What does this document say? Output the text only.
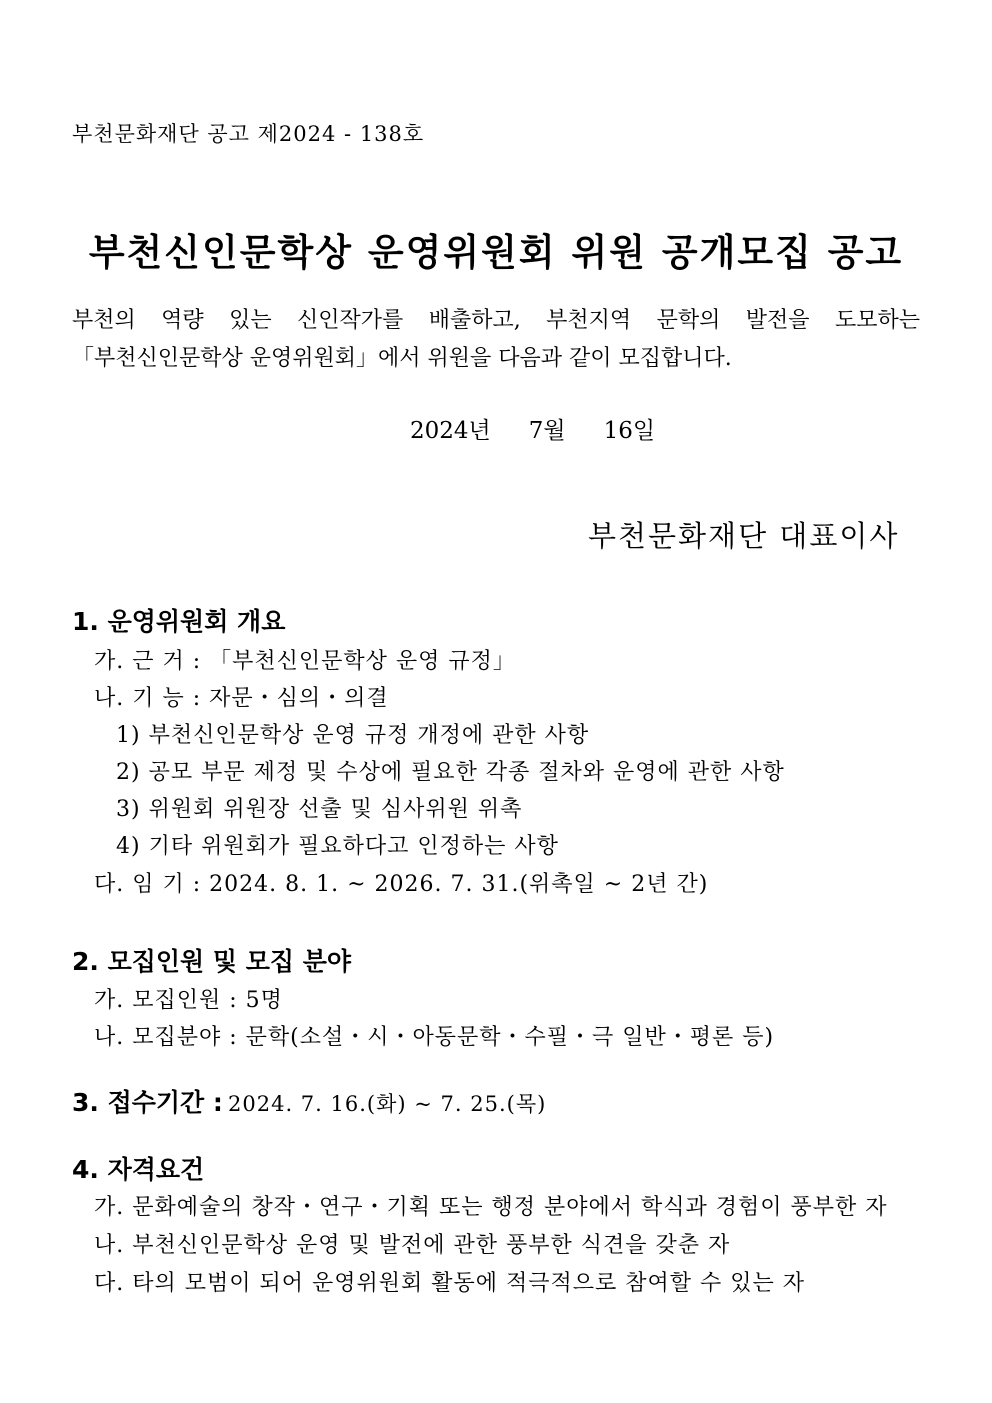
부천문화재단 공고 제2024 - 138호
부천신인문학상 운영위원회 위원 공개모집 공고
부천의 역량 있는 신인작가를 배출하고, 부천지역 문학의 발전을 도모하는
「부천신인문학상 운영위원회」에서 위원을 다음과 같이 모집합니다.
2024년 7월 16일
부천문화재단 대표이사
1. 운영위원회 개요
가. 근 거 : 「부천신인문학상 운영 규정」
나. 기 능 : 자문・심의・의결
1) 부천신인문학상 운영 규정 개정에 관한 사항
2) 공모 부문 제정 및 수상에 필요한 각종 절차와 운영에 관한 사항
3) 위원회 위원장 선출 및 심사위원 위촉
4) 기타 위원회가 필요하다고 인정하는 사항
다. 임 기 : 2024. 8. 1. ~ 2026. 7. 31.(위촉일 ~ 2년 간)
2. 모집인원 및 모집 분야
가. 모집인원 : 5명
나. 모집분야 : 문학(소설・시・아동문학・수필・극 일반・평론 등)
3. 접수기간 : 2024. 7. 16.(화) ~ 7. 25.(목)
4. 자격요건
가. 문화예술의 창작・연구・기획 또는 행정 분야에서 학식과 경험이 풍부한 자
나. 부천신인문학상 운영 및 발전에 관한 풍부한 식견을 갖춘 자
다. 타의 모범이 되어 운영위원회 활동에 적극적으로 참여할 수 있는 자
